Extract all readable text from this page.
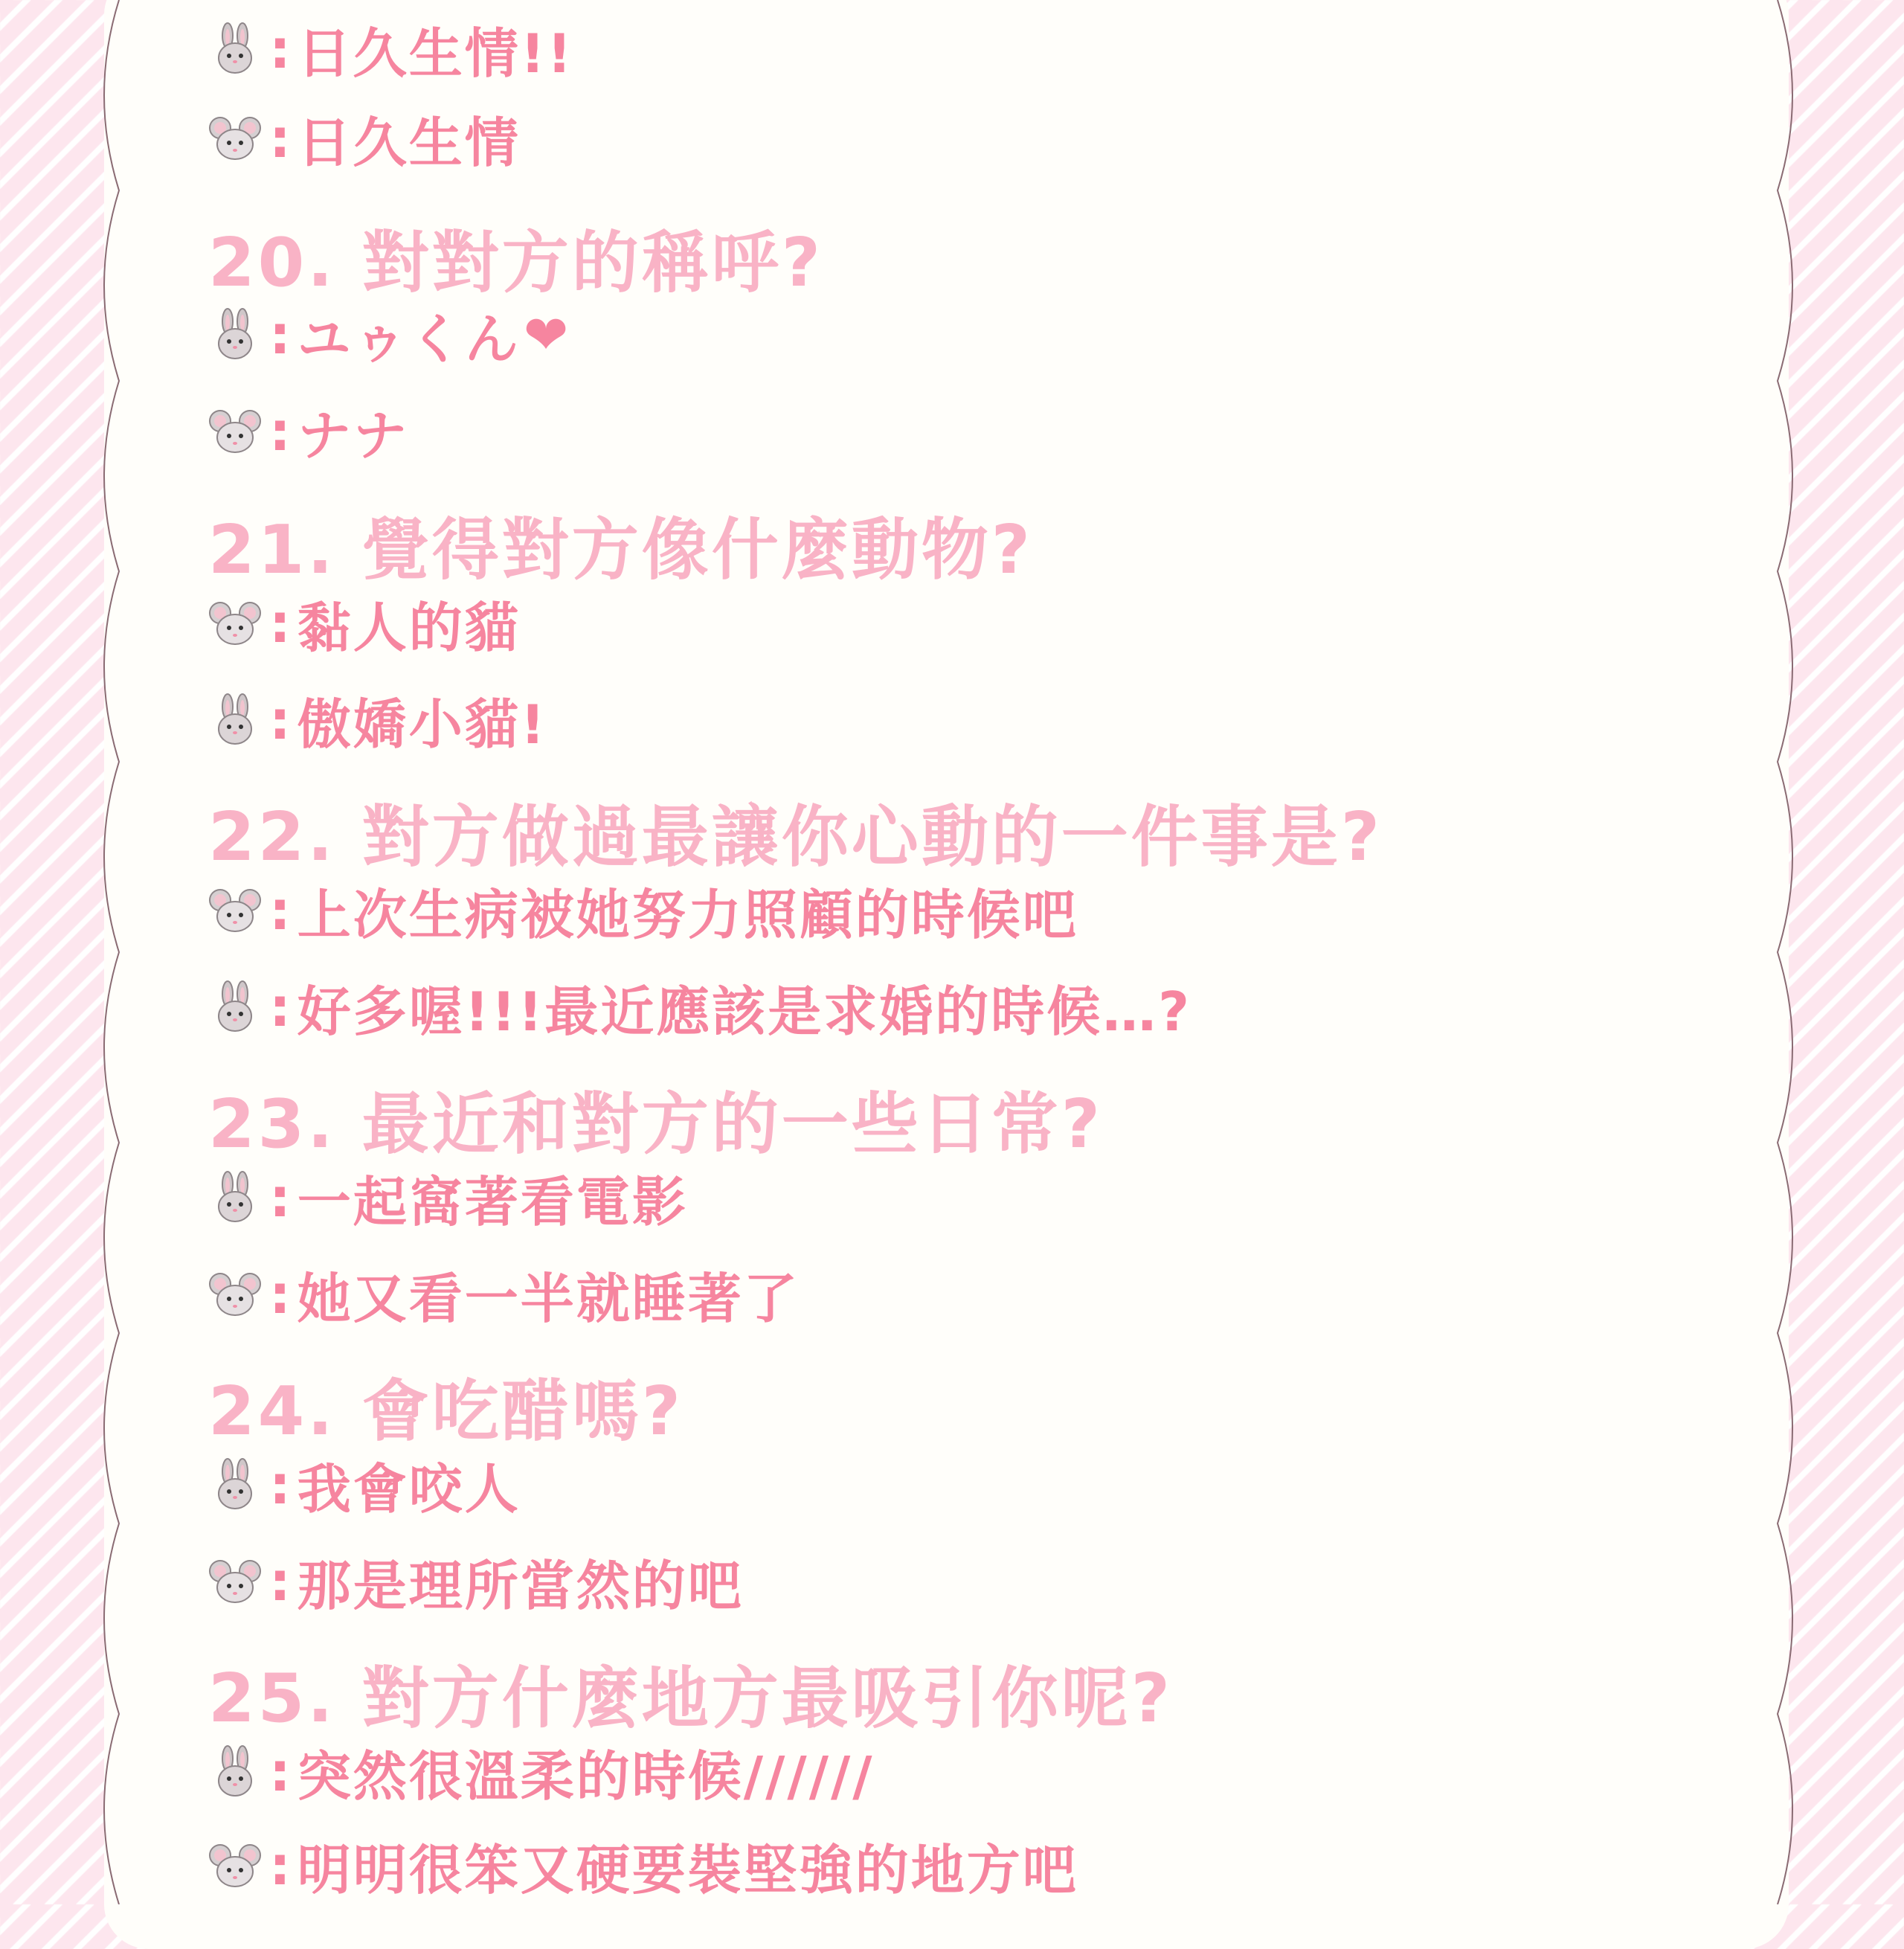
: 日久生情!!
: 日久生情
20. 對對方的稱呼?
: ユゥくん ❤
: ナナ
21. 覺得對方像什麼動物?
: 黏人的貓
: 傲嬌小貓!
22. 對方做過最讓你心動的一件事是?
: 上次生病被她努力照顧的時候吧
: 好多喔!!!最近應該是求婚的時候…?
23. 最近和對方的一些日常?
: 一起窩著看電影
: 她又看一半就睡著了
24. 會吃醋嗎?
: 我會咬人
: 那是理所當然的吧
25. 對方什麼地方最吸引你呢?
: 突然很溫柔的時候//////
: 明明很笨又硬要裝堅強的地方吧
